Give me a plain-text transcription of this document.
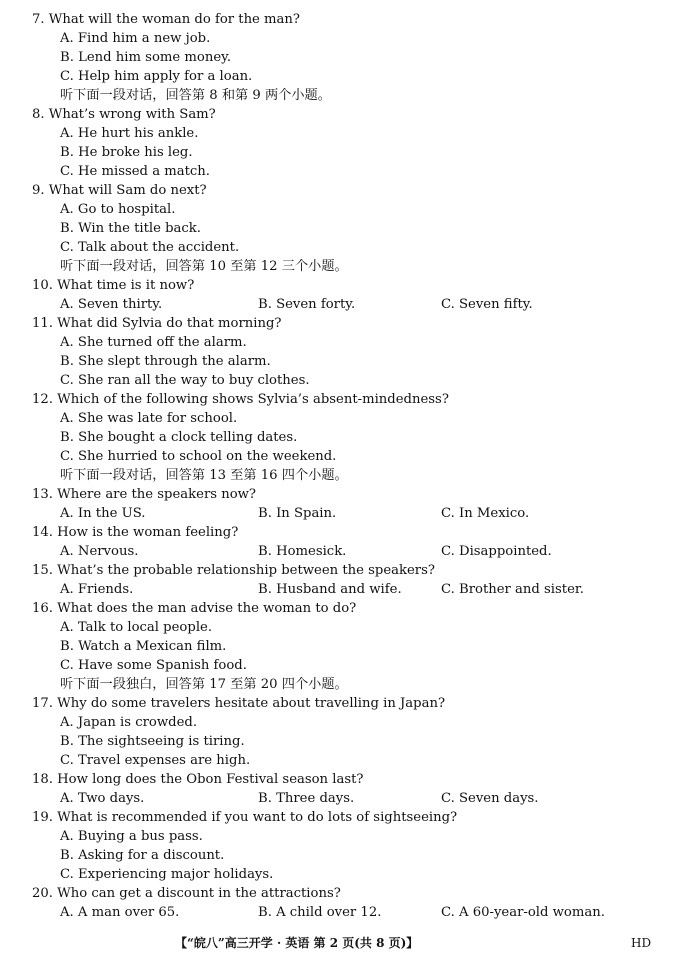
7. What will the woman do for the man?
A. Find him a new job.
B. Lend him some money.
C. Help him apply for a loan.
听下面一段对话，回答第 8 和第 9 两个小题。
8. What’s wrong with Sam?
A. He hurt his ankle.
B. He broke his leg.
C. He missed a match.
9. What will Sam do next?
A. Go to hospital.
B. Win the title back.
C. Talk about the accident.
听下面一段对话，回答第 10 至第 12 三个小题。
10. What time is it now?
A. Seven thirty.	B. Seven forty.	C. Seven fifty.
11. What did Sylvia do that morning?
A. She turned off the alarm.
B. She slept through the alarm.
C. She ran all the way to buy clothes.
12. Which of the following shows Sylvia’s absent-mindedness?
A. She was late for school.
B. She bought a clock telling dates.
C. She hurried to school on the weekend.
听下面一段对话，回答第 13 至第 16 四个小题。
13. Where are the speakers now?
A. In the US.	B. In Spain.	C. In Mexico.
14. How is the woman feeling?
A. Nervous.	B. Homesick.	C. Disappointed.
15. What’s the probable relationship between the speakers?
A. Friends.	B. Husband and wife.	C. Brother and sister.
16. What does the man advise the woman to do?
A. Talk to local people.
B. Watch a Mexican film.
C. Have some Spanish food.
听下面一段独白，回答第 17 至第 20 四个小题。
17. Why do some travelers hesitate about travelling in Japan?
A. Japan is crowded.
B. The sightseeing is tiring.
C. Travel expenses are high.
18. How long does the Obon Festival season last?
A. Two days.	B. Three days.	C. Seven days.
19. What is recommended if you want to do lots of sightseeing?
A. Buying a bus pass.
B. Asking for a discount.
C. Experiencing major holidays.
20. Who can get a discount in the attractions?
A. A man over 65.	B. A child over 12.	C. A 60-year-old woman.
【“皖八”高三开学 · 英语 第 2 页(共 8 页)】	HD
